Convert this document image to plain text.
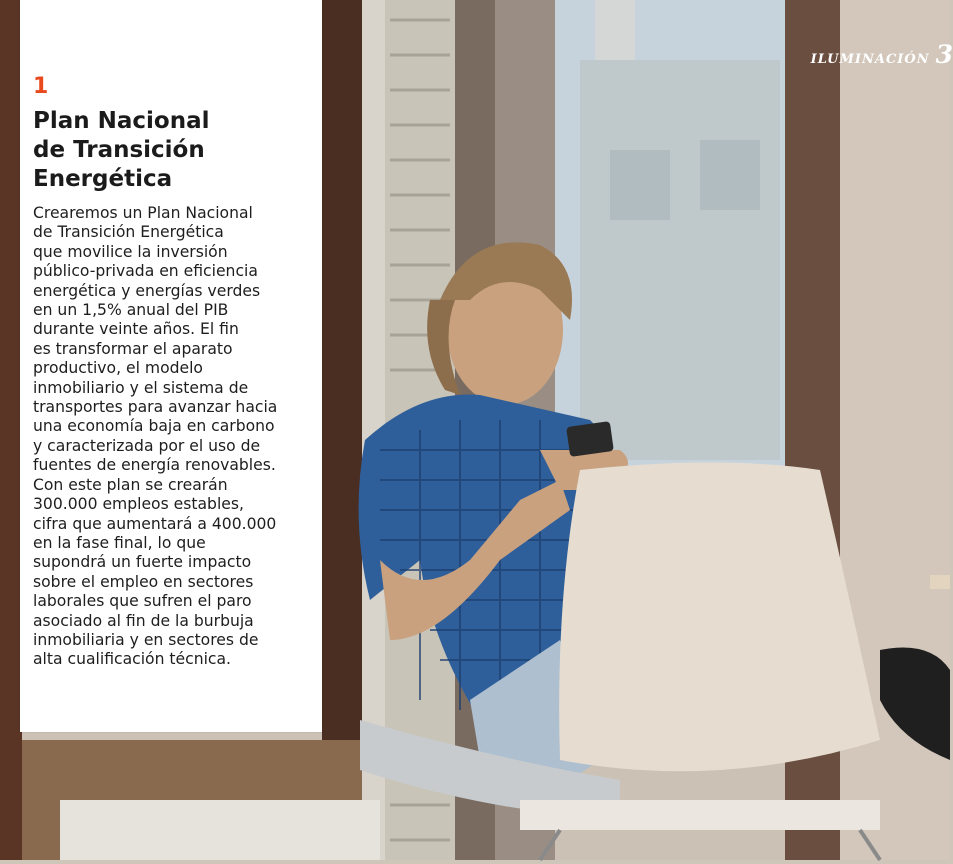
ILUMINACIÓN 3
1
Plan Nacional
de Transición
Energética

Crearemos un Plan Nacional
de Transición Energética
que movilice la inversión
público-privada en eficiencia
energética y energías verdes
en un 1,5% anual del PIB
durante veinte años. El fin
es transformar el aparato
productivo, el modelo
inmobiliario y el sistema de
transportes para avanzar hacia
una economía baja en carbono
y caracterizada por el uso de
fuentes de energía renovables.
Con este plan se crearán
300.000 empleos estables,
cifra que aumentará a 400.000
en la fase final, lo que
supondrá un fuerte impacto
sobre el empleo en sectores
laborales que sufren el paro
asociado al fin de la burbuja
inmobiliaria y en sectores de
alta cualificación técnica.
